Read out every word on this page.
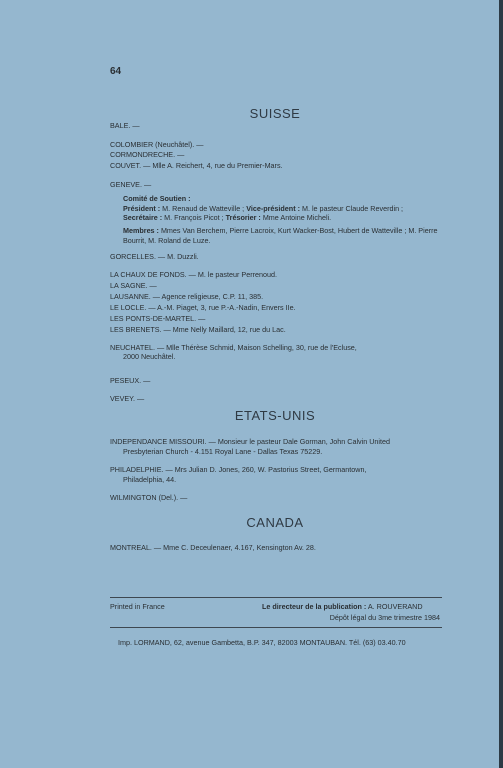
64
SUISSE
BALE. —
COLOMBIER (Neuchâtel). —
CORMONDRECHE. —
COUVET. — Mlle A. Reichert, 4, rue du Premier-Mars.
GENEVE. —
Comité de Soutien :
Président : M. Renaud de Watteville ; Vice-président : M. le pasteur Claude Reverdin ;
Secrétaire : M. François Picot ; Trésorier : Mme Antoine Micheli.
Membres : Mmes Van Berchem, Pierre Lacroix, Kurt Wacker-Bost, Hubert de Watteville ; M. Pierre Bourrit, M. Roland de Luze.
GORCELLES. — M. Duzzli.
LA CHAUX DE FONDS. — M. le pasteur Perrenoud.
LA SAGNE. —
LAUSANNE. — Agence religieuse, C.P. 11, 385.
LE LOCLE. — A.-M. Piaget, 3, rue P.-A.-Nadin, Envers IIe.
LES PONTS-DE-MARTEL. —
LES BRENETS. — Mme Nelly Maillard, 12, rue du Lac.
NEUCHATEL. — Mlle Thérèse Schmid, Maison Schelling, 30, rue de l'Ecluse,
2000 Neuchâtel.
PESEUX. —
VEVEY. —
ETATS-UNIS
INDEPENDANCE MISSOURI. — Monsieur le pasteur Dale Gorman, John Calvin United
Presbyterian Church - 4.151 Royal Lane - Dallas Texas 75229.
PHILADELPHIE. — Mrs Julian D. Jones, 260, W. Pastorius Street, Germantown,
Philadelphia, 44.
WILMINGTON (Del.). —
CANADA
MONTREAL. — Mme C. Deceulenaer, 4.167, Kensington Av. 28.
Printed in France	Le directeur de la publication : A. ROUVERAND
Dépôt légal du 3me trimestre 1984
Imp. LORMAND, 62, avenue Gambetta, B.P. 347, 82003 MONTAUBAN. Tél. (63) 03.40.70
